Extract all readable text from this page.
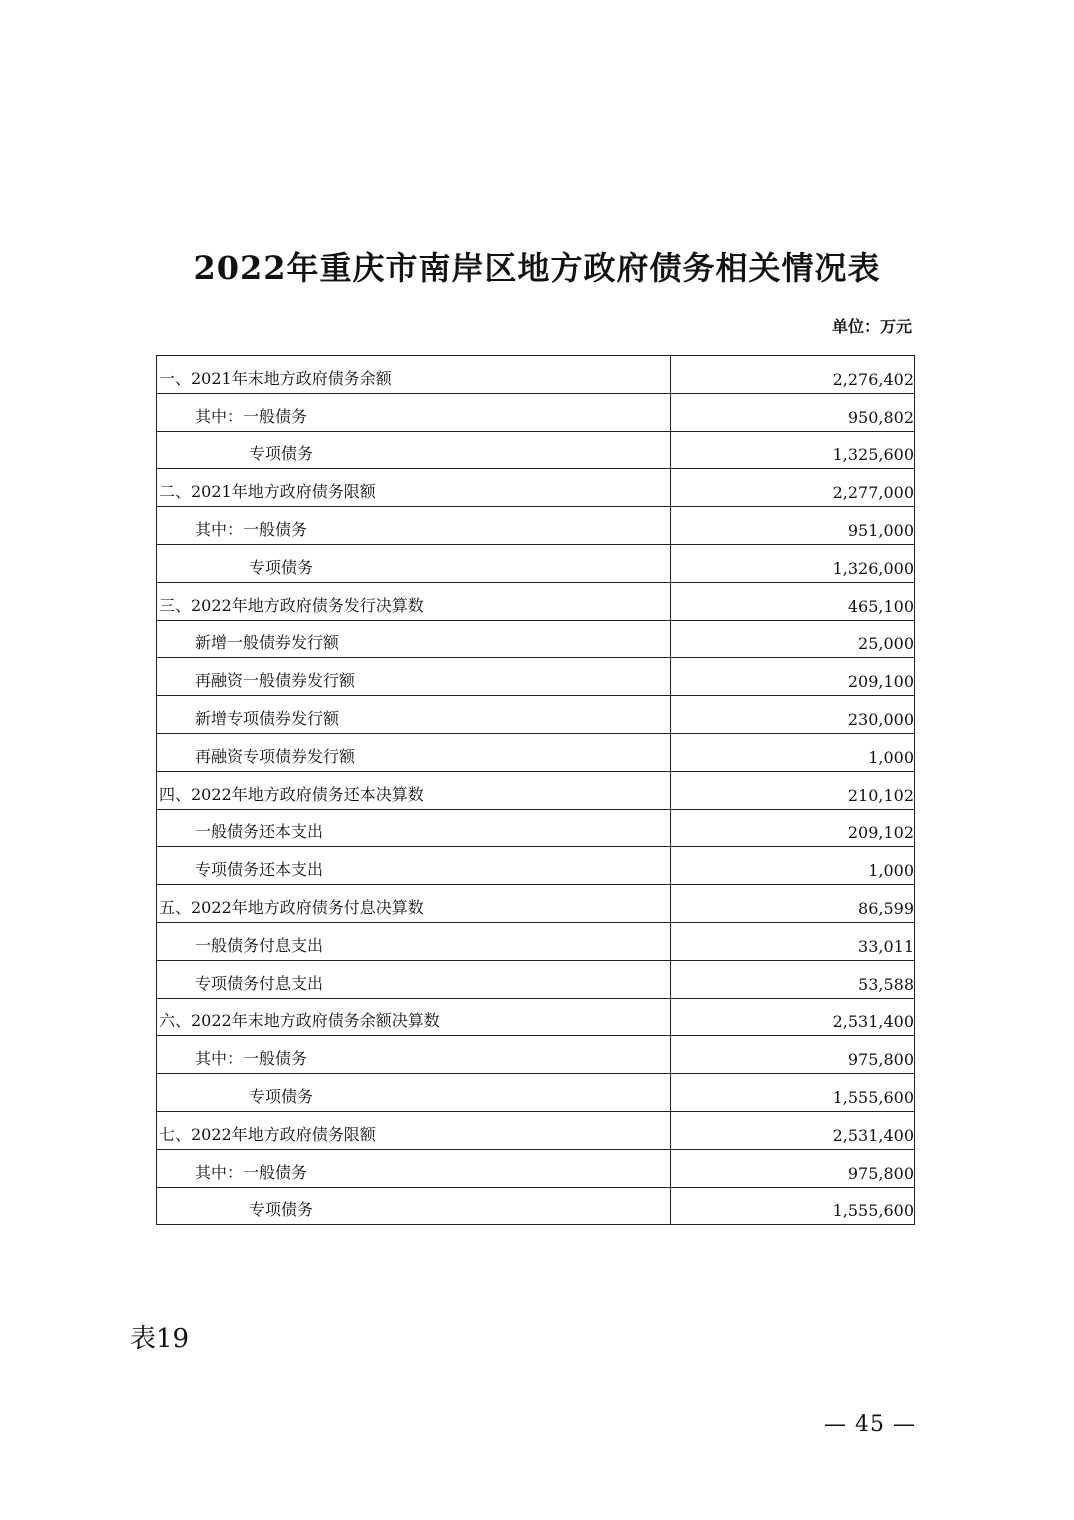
2022年重庆市南岸区地方政府债务相关情况表
单位：万元
一、2021年末地方政府债务余额	2,276,402
其中：一般债务	950,802
专项债务	1,325,600
二、2021年地方政府债务限额	2,277,000
其中：一般债务	951,000
专项债务	1,326,000
三、2022年地方政府债务发行决算数	465,100
新增一般债券发行额	25,000
再融资一般债券发行额	209,100
新增专项债券发行额	230,000
再融资专项债券发行额	1,000
四、2022年地方政府债务还本决算数	210,102
一般债务还本支出	209,102
专项债务还本支出	1,000
五、2022年地方政府债务付息决算数	86,599
一般债务付息支出	33,011
专项债务付息支出	53,588
六、2022年末地方政府债务余额决算数	2,531,400
其中：一般债务	975,800
专项债务	1,555,600
七、2022年地方政府债务限额	2,531,400
其中：一般债务	975,800
专项债务	1,555,600
表19
— 45 —
